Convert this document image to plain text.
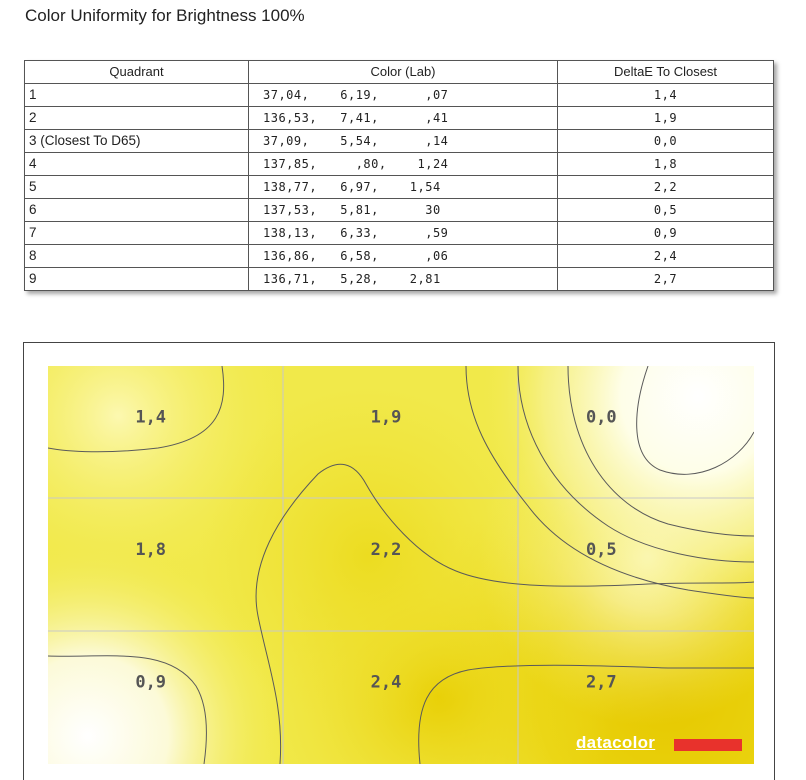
Color Uniformity for Brightness 100%
Quadrant	Color (Lab)	DeltaE To Closest
1	37,04,    6,19,      ,07	1,4
2	136,53,   7,41,      ,41	1,9
3 (Closest To D65)	37,09,    5,54,      ,14	0,0
4	137,85,     ,80,    1,24	1,8
5	138,77,   6,97,    1,54	2,2
6	137,53,   5,81,      30	0,5
7	138,13,   6,33,      ,59	0,9
8	136,86,   6,58,      ,06	2,4
9	136,71,   5,28,    2,81	2,7
1,4	1,9	0,0
1,8	2,2	0,5
0,9	2,4	2,7
datacolor
